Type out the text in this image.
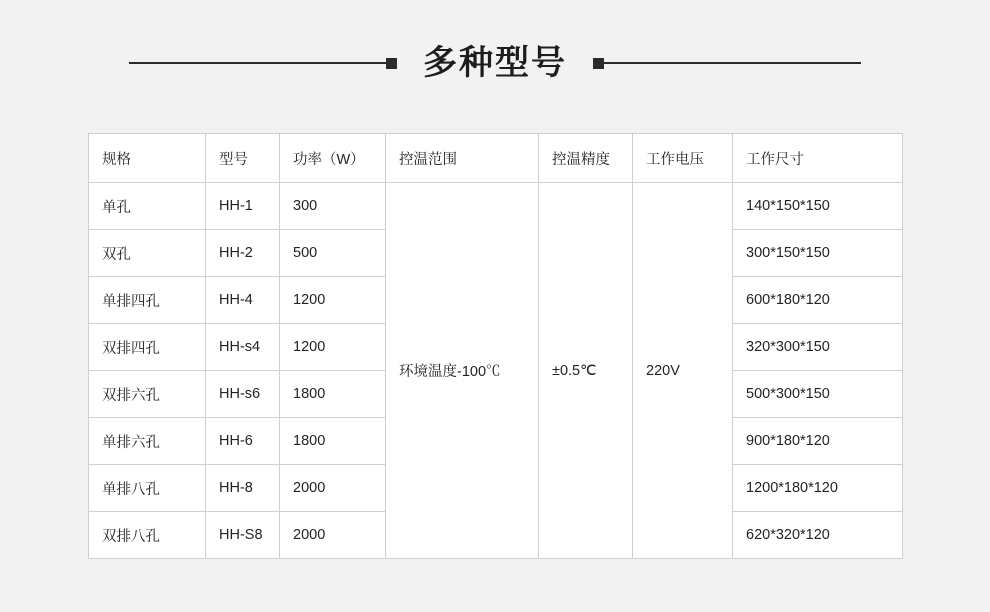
多种型号
规格	型号	功率（W）	控温范围	控温精度	工作电压	工作尺寸
单孔	HH-1	300	环境温度-100℃	±0.5℃	220V	140*150*150
双孔	HH-2	500				300*150*150
单排四孔	HH-4	1200				600*180*120
双排四孔	HH-s4	1200				320*300*150
双排六孔	HH-s6	1800				500*300*150
单排六孔	HH-6	1800				900*180*120
单排八孔	HH-8	2000				1200*180*120
双排八孔	HH-S8	2000				620*320*120
